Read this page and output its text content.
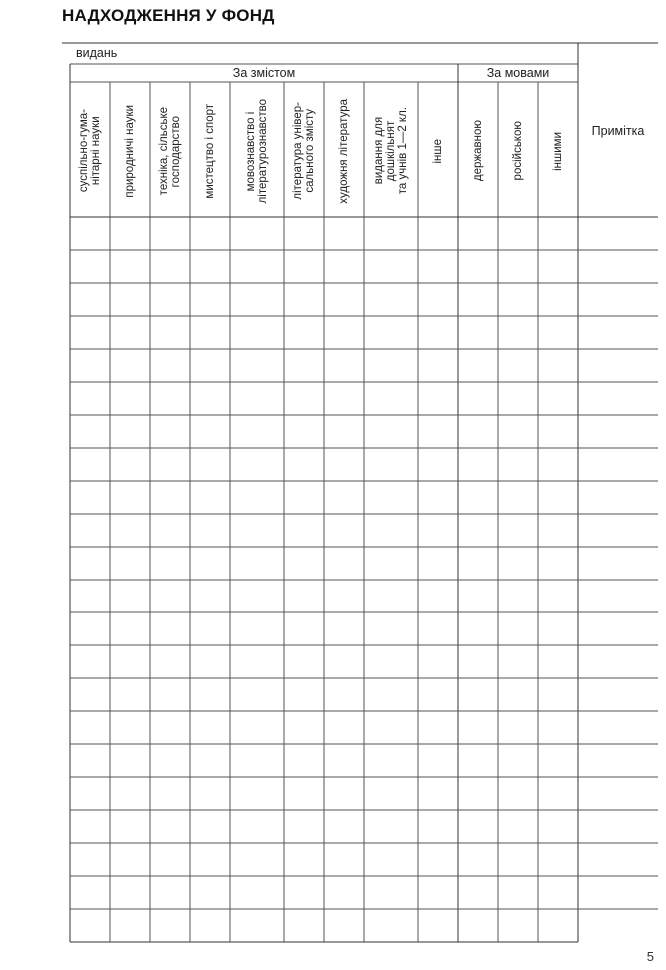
НАДХОДЖЕННЯ У ФОНД
видань
За змістом	За мовами
Примітка
суспільно-гума-
нітарні науки природничі науки техніка, сільське
господарство мистецтво і спорт	мовознавство і
літературознавство література універ-
сального змісту художня література видання для
дошкільнят
та учнів 1—2 кл.
інше державною російською іншими
5
